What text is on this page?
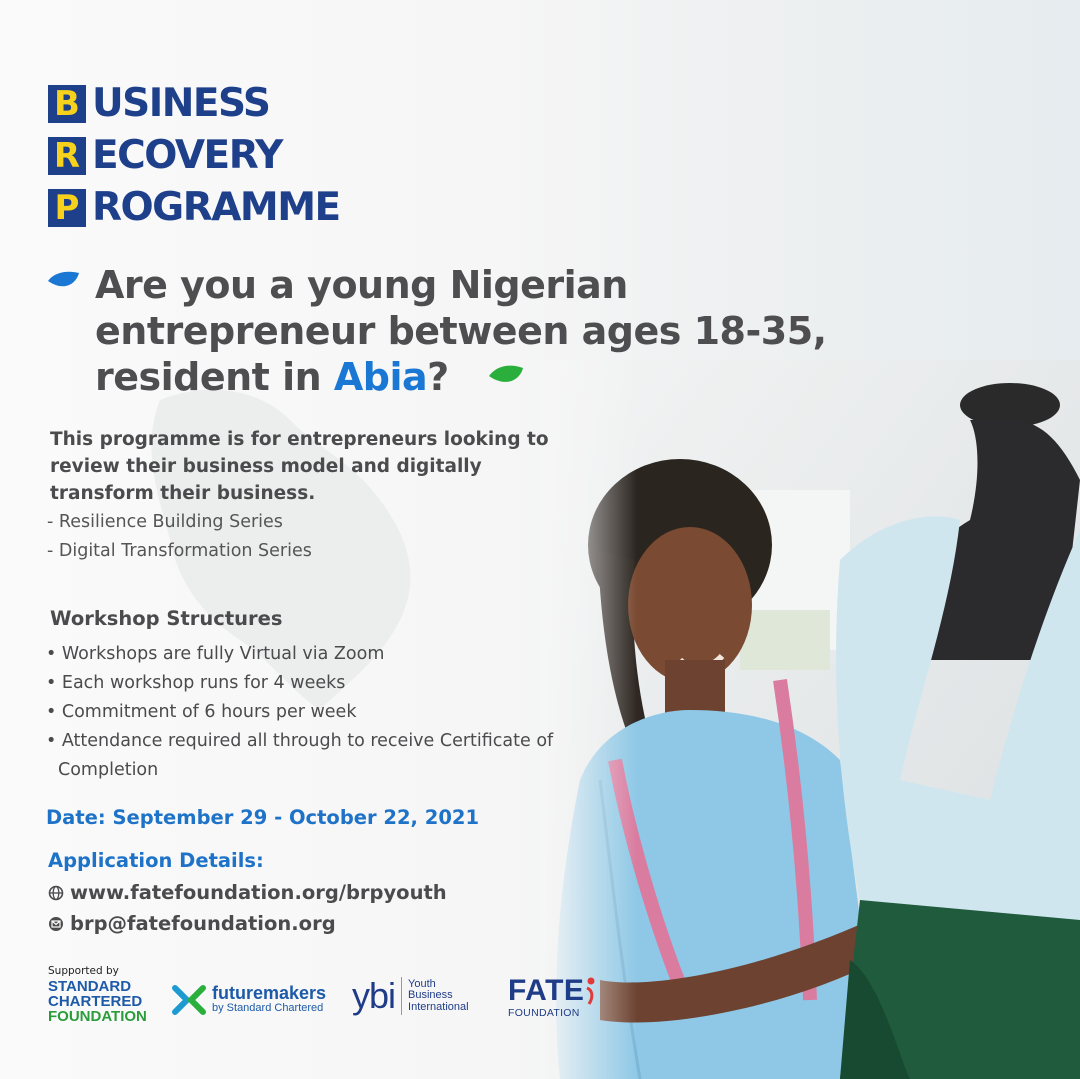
B USINESS
R ECOVERY
P ROGRAMME
Are you a young Nigerian
entrepreneur between ages 18-35,
resident in Abia?
This programme is for entrepreneurs looking to review their business model and digitally transform their business.
- Resilience Building Series
- Digital Transformation Series
Workshop Structures
• Workshops are fully Virtual via Zoom
• Each workshop runs for 4 weeks
• Commitment of 6 hours per week
• Attendance required all through to receive Certificate of Completion
Date: September 29 - October 22, 2021
Application Details:
www.fatefoundation.org/brpyouth
brp@fatefoundation.org
Supported by
STANDARD
CHARTERED
FOUNDATION
futuremakers
by Standard Chartered ybi Youth
Business
International FATE
FOUNDATION
